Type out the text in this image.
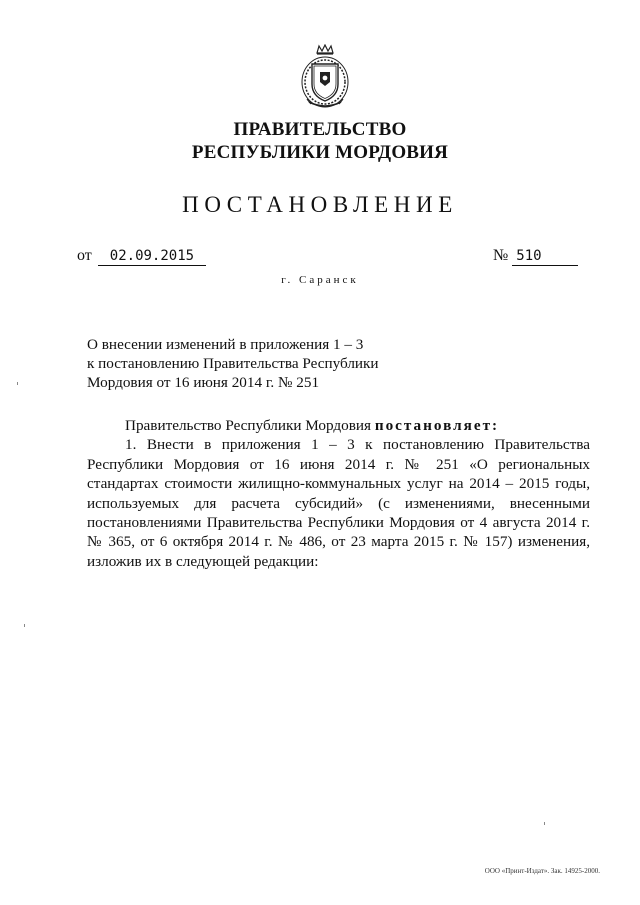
ПРАВИТЕЛЬСТВО
РЕСПУБЛИКИ МОРДОВИЯ
ПОСТАНОВЛЕНИЕ
от 02.09.2015	№ 510
г. Саранск
О внесении изменений в приложения 1 – 3
к постановлению Правительства Республики
Мордовия от 16 июня 2014 г. № 251

Правительство Республики Мордовия постановляет:

1. Внести в приложения 1 – 3 к постановлению Правительства Республики Мордовия от 16 июня 2014 г. № 251 «О региональных стандартах стоимости жилищно-коммунальных услуг на 2014 – 2015 годы, используемых для расчета субсидий» (с изменениями, внесенными постановлениями Правительства Республики Мордовия от 4 августа 2014 г. № 365, от 6 октября 2014 г. № 486, от 23 марта 2015 г. № 157) изменения, изложив их в следующей редакции:

ООО «Принт-Издат». Зак. 14925-2000.
